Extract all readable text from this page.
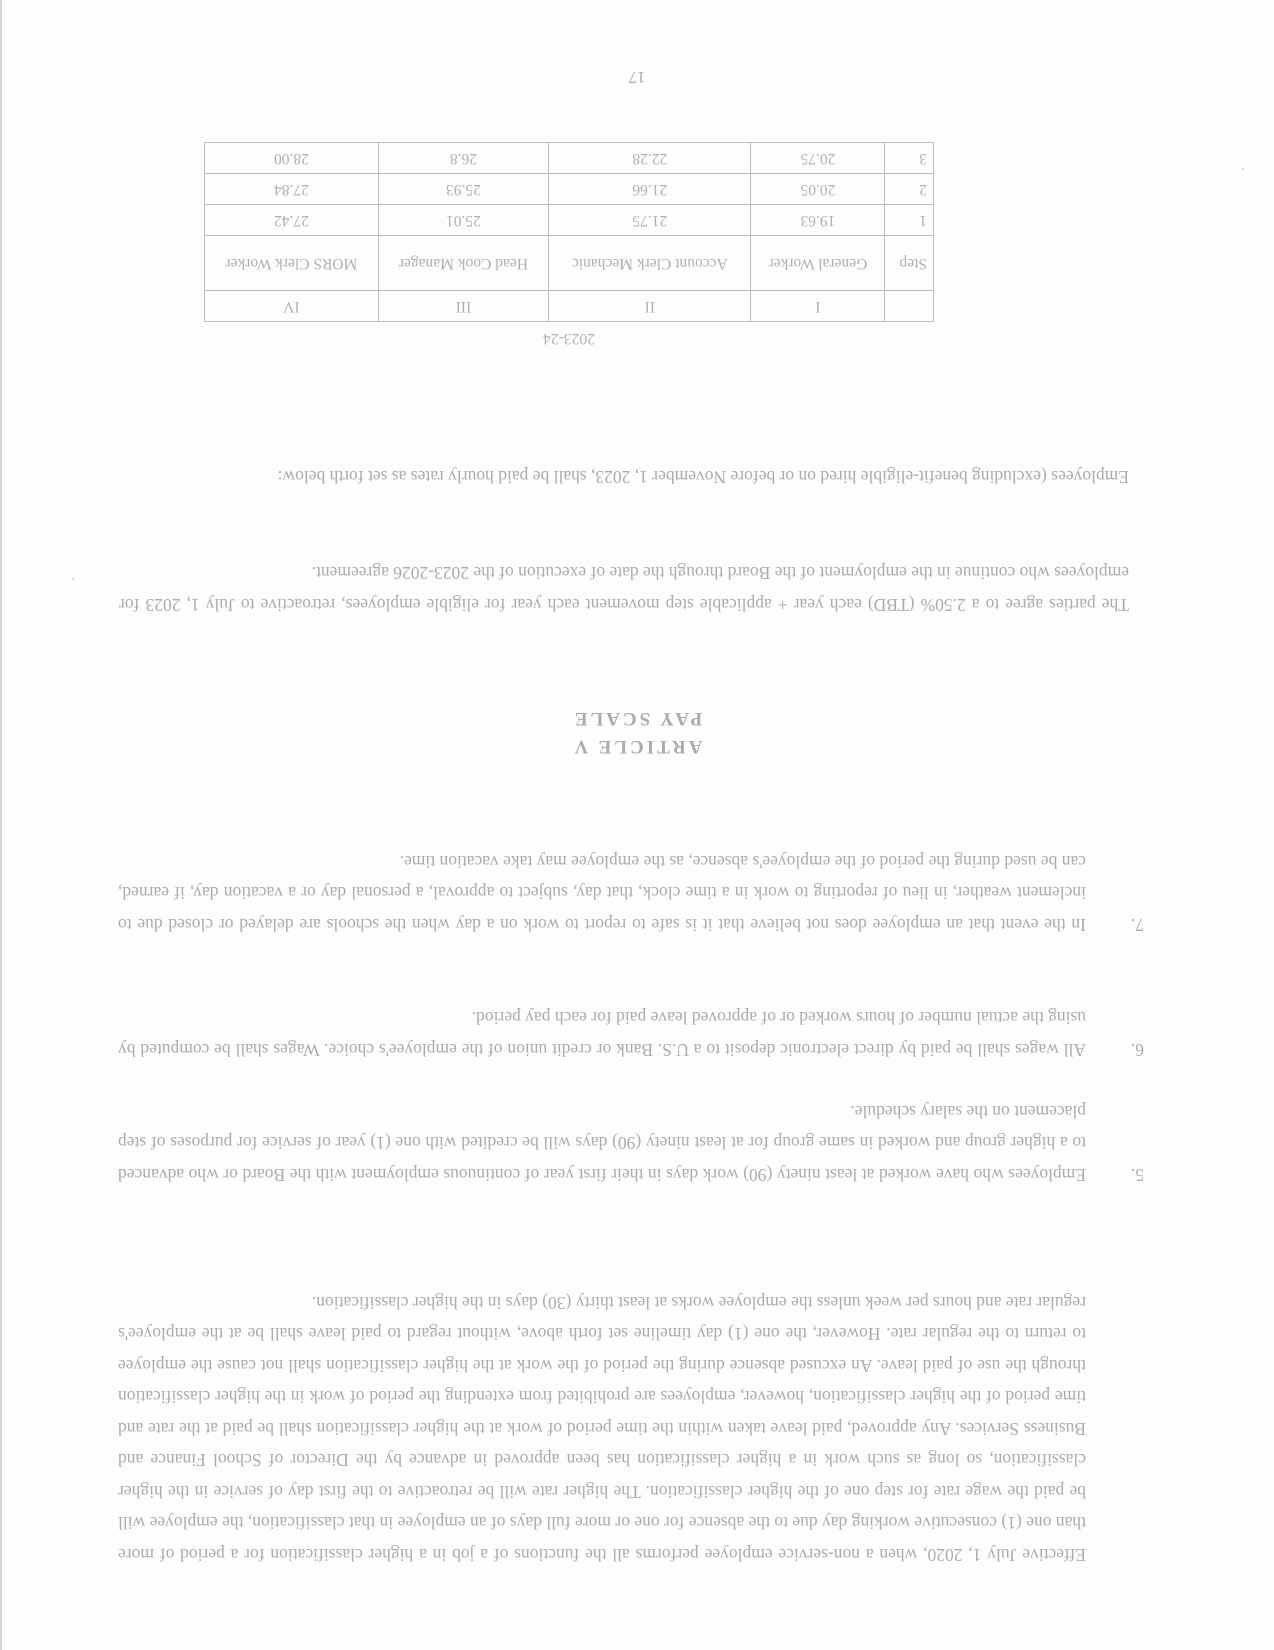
Effective July 1, 2020, when a non-service employee performs all the functions of a job in a higher classification for a period of more than one (1) consecutive working day due to the absence for one or more full days of an employee in that classification, the employee will be paid the wage rate for step one of the higher classification. The higher rate will be retroactive to the first day of service in the higher classification, so long as such work in a higher classification has been approved in advance by the Director of School Finance and Business Services. Any approved, paid leave taken within the time period of work at the higher classification shall be paid at the rate and time period of the higher classification, however, employees are prohibited from extending the period of work in the higher classification through the use of paid leave. An excused absence during the period of the work at the higher classification shall not cause the employee to return to the regular rate. However, the one (1) day timeline set forth above, without regard to paid leave shall be at the employee's regular rate and hours per week unless the employee works at least thirty (30) days in the higher classification.

5.
Employees who have worked at least ninety (90) work days in their first year of continuous employment with the Board or who advanced to a higher group and worked in same group for at least ninety (90) days will be credited with one (1) year of service for purposes of step placement on the salary schedule.

6.
All wages shall be paid by direct electronic deposit to a U.S. Bank or credit union of the employee's choice. Wages shall be computed by using the actual number of hours worked or of approved leave paid for each pay period.

7.
In the event that an employee does not believe that it is safe to report to work on a day when the schools are delayed or closed due to inclement weather, in lieu of reporting to work in a time clock, that day, subject to approval, a personal day or a vacation day, if earned, can be used during the period of the employee's absence, as the employee may take vacation time.

ARTICLE V
PAY SCALE

The parties agree to a 2.50% (TBD) each year + applicable step movement each year for eligible employees, retroactive to July 1, 2023 for employees who continue in the employment of the Board through the date of execution of the 2023-2026 agreement.

Employees (excluding benefit-eligible hired on or before November 1, 2023, shall be paid hourly rates as set forth below:

2023-24				
	I	II	III	IV
Step	General Worker	Account Clerk Mechanic	Head Cook Manager	MORS Clerk Worker
1	19.63	21.75	25.01	27.42
2	20.05	21.66	25.93	27.84
3	20.75	22.28	26.8	28.00
17
